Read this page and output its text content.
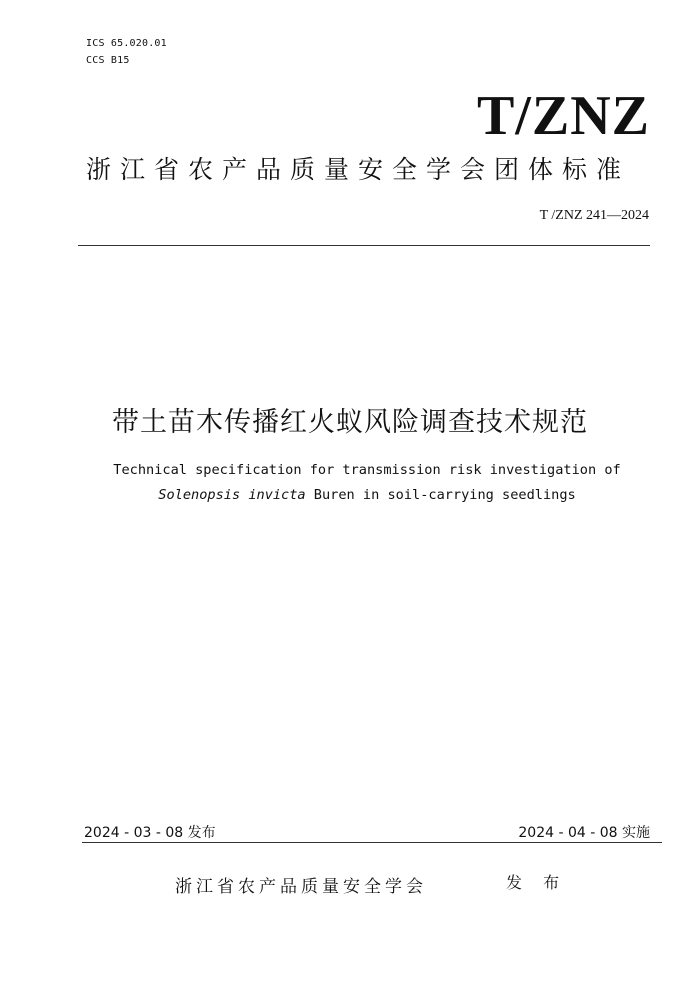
ICS 65.020.01
CCS B15
T/ZNZ
浙江省农产品质量安全学会团体标准
T /ZNZ 241—2024
带土苗木传播红火蚁风险调查技术规范
Technical specification for transmission risk investigation of
Solenopsis invicta Buren in soil-carrying seedlings
2024 - 03 - 08 发布	2024 - 04 - 08 实施
浙江省农产品质量安全学会	发 布
